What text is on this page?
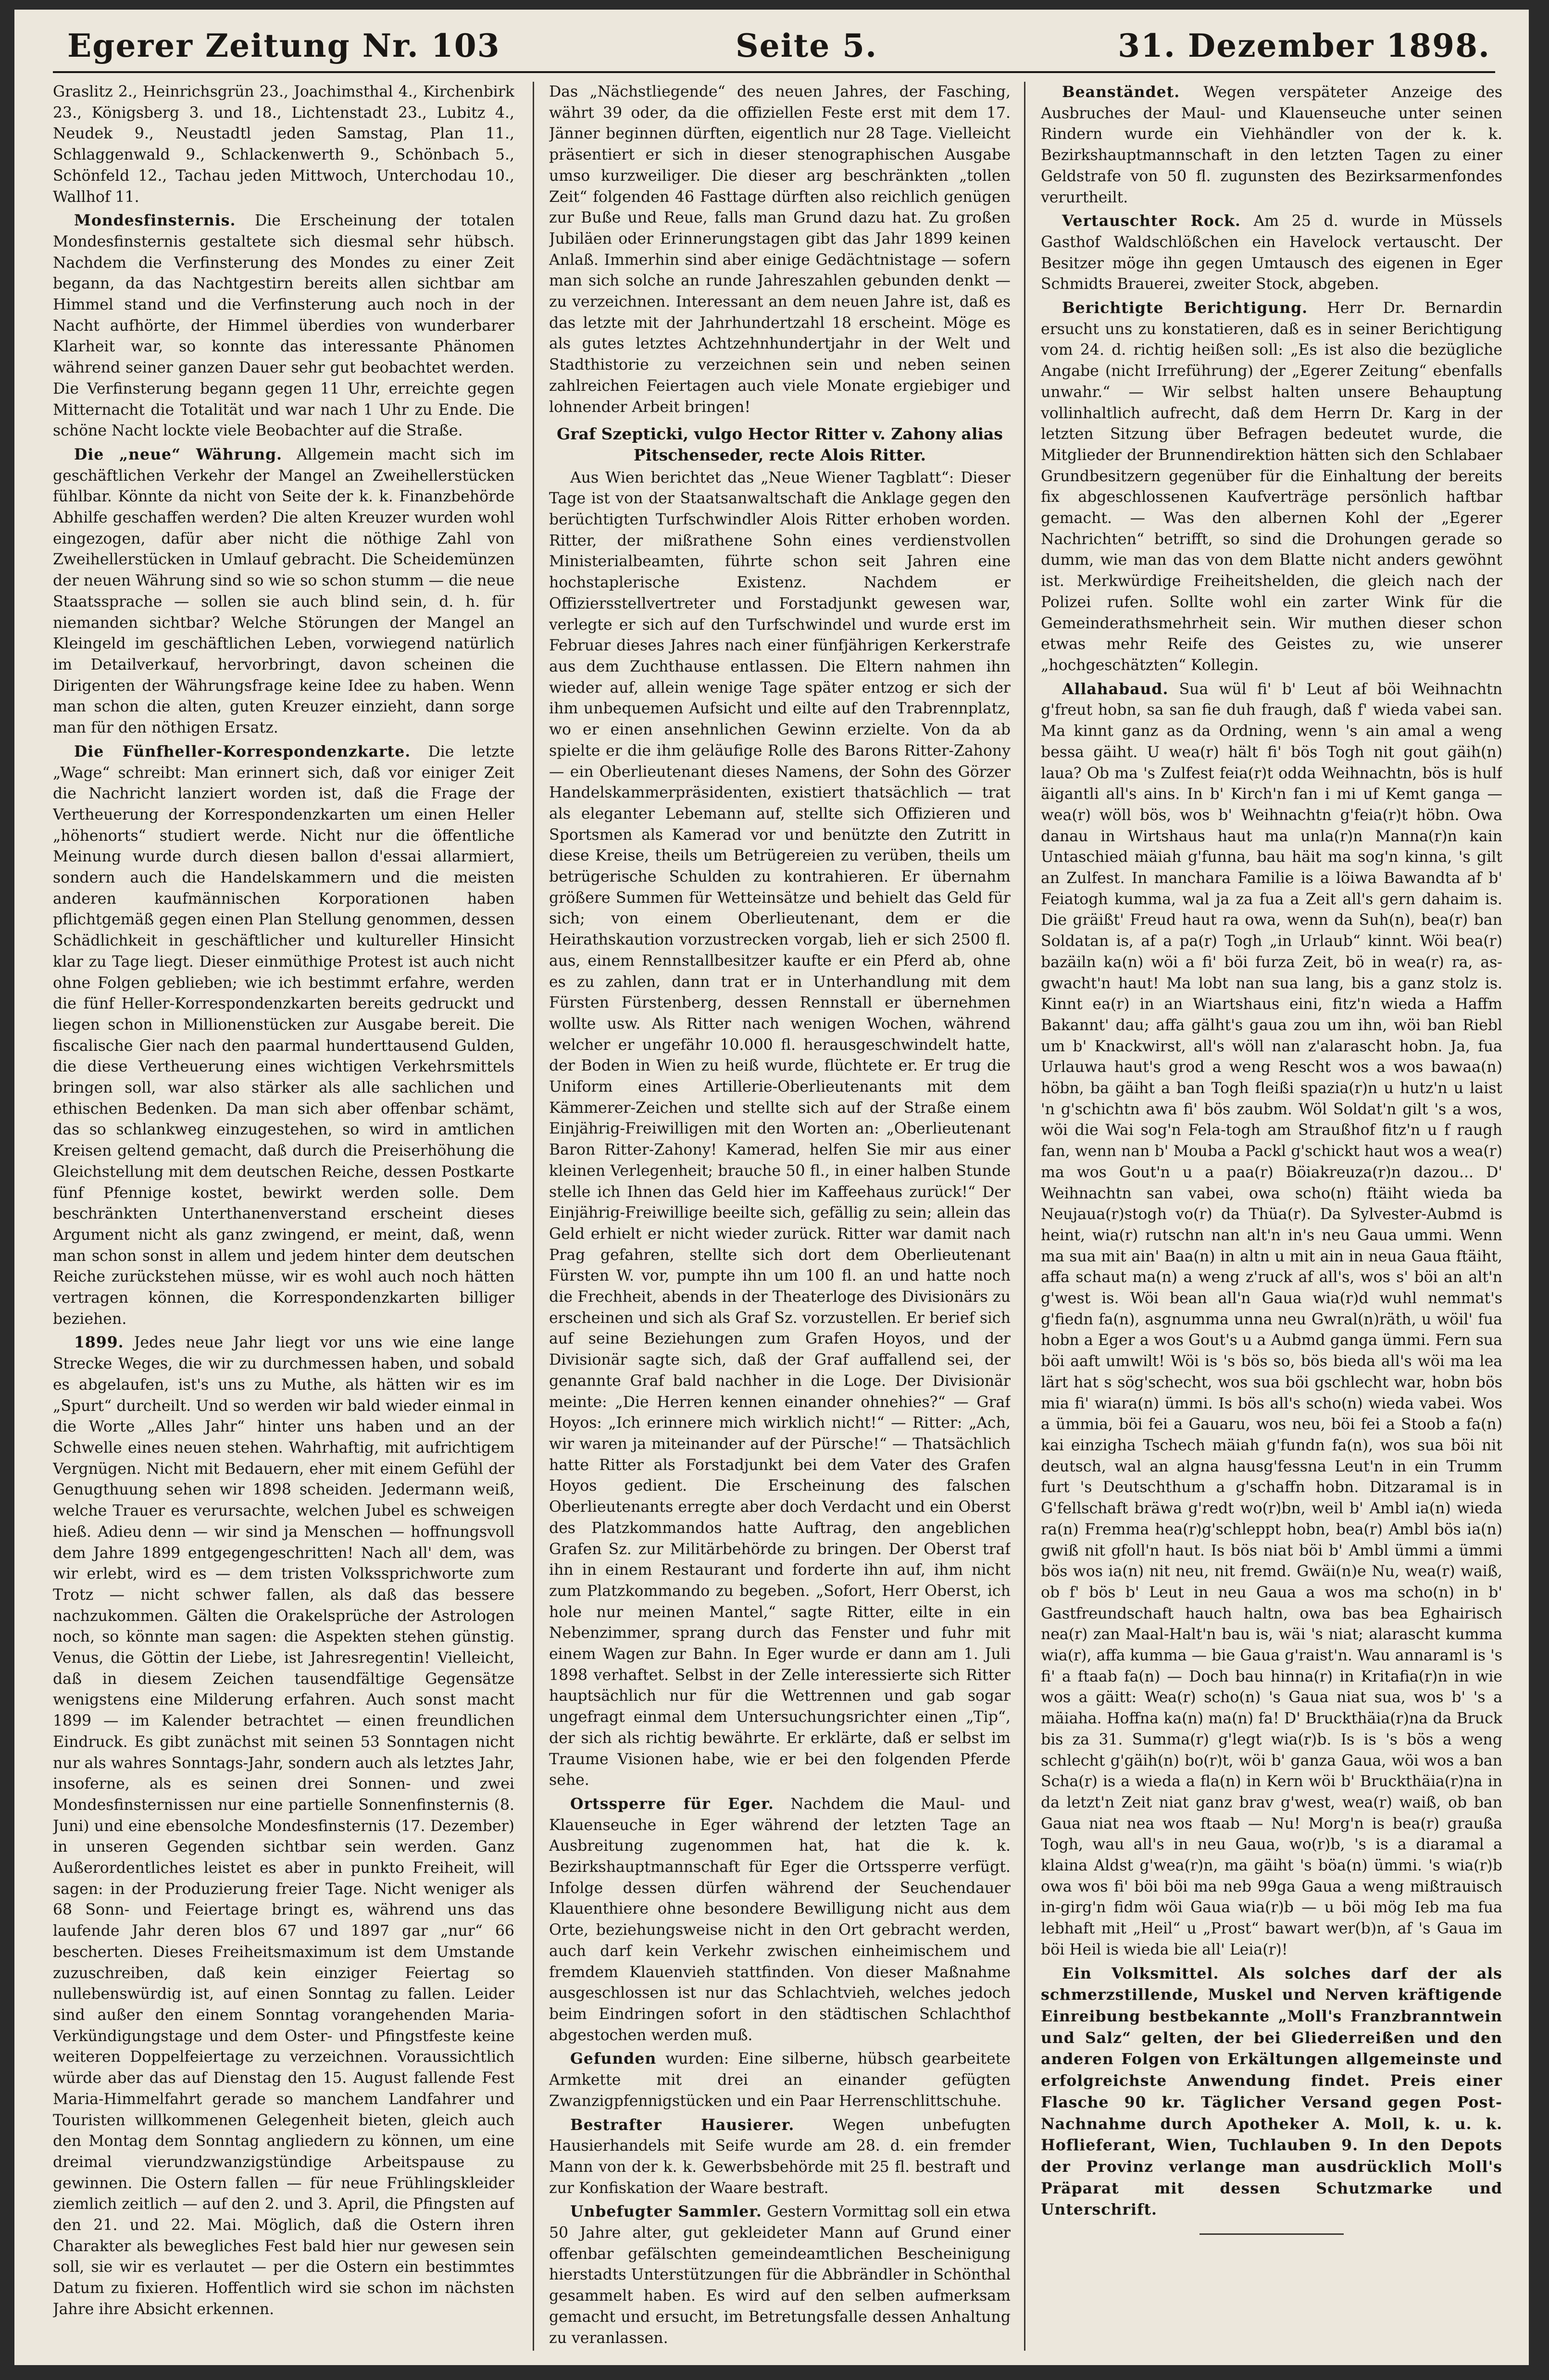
Egerer Zeitung Nr. 103	Seite 5.	31. Dezember 1898.

Graslitz 2., Heinrichsgrün 23., Joachimsthal 4., Kirchenbirk 23., Königsberg 3. und 18., Lichtenstadt 23., Lubitz 4., Neudek 9., Neustadtl jeden Samstag, Plan 11., Schlaggenwald 9., Schlackenwerth 9., Schönbach 5., Schönfeld 12., Tachau jeden Mittwoch, Unterchodau 10., Wallhof 11.

Mondesfinsternis. Die Erscheinung der totalen Mondesfinsternis gestaltete sich diesmal sehr hübsch. Nachdem die Verfinsterung des Mondes zu einer Zeit begann, da das Nachtgestirn bereits allen sichtbar am Himmel stand und die Verfinsterung auch noch in der Nacht aufhörte, der Himmel überdies von wunderbarer Klarheit war, so konnte das interessante Phänomen während seiner ganzen Dauer sehr gut beobachtet werden. Die Verfinsterung begann gegen 11 Uhr, erreichte gegen Mitternacht die Totalität und war nach 1 Uhr zu Ende. Die schöne Nacht lockte viele Beobachter auf die Straße.

Die „neue“ Währung. Allgemein macht sich im geschäftlichen Verkehr der Mangel an Zweihellerstücken fühlbar. Könnte da nicht von Seite der k. k. Finanzbehörde Abhilfe geschaffen werden? Die alten Kreuzer wurden wohl eingezogen, dafür aber nicht die nöthige Zahl von Zweihellerstücken in Umlauf gebracht. Die Scheidemünzen der neuen Währung sind so wie so schon stumm — die neue Staatssprache — sollen sie auch blind sein, d. h. für niemanden sichtbar? Welche Störungen der Mangel an Kleingeld im geschäftlichen Leben, vorwiegend natürlich im Detailverkauf, hervorbringt, davon scheinen die Dirigenten der Währungsfrage keine Idee zu haben. Wenn man schon die alten, guten Kreuzer einzieht, dann sorge man für den nöthigen Ersatz.

Die Fünfheller-Korrespondenzkarte. Die letzte „Wage“ schreibt: Man erinnert sich, daß vor einiger Zeit die Nachricht lanziert worden ist, daß die Frage der Vertheuerung der Korrespondenzkarten um einen Heller „höhenorts“ studiert werde. Nicht nur die öffentliche Meinung wurde durch diesen ballon d'essai allarmiert, sondern auch die Handelskammern und die meisten anderen kaufmännischen Korporationen haben pflichtgemäß gegen einen Plan Stellung genommen, dessen Schädlichkeit in geschäftlicher und kultureller Hinsicht klar zu Tage liegt. Dieser einmüthige Protest ist auch nicht ohne Folgen geblieben; wie ich bestimmt erfahre, werden die fünf Heller-Korrespondenzkarten bereits gedruckt und liegen schon in Millionenstücken zur Ausgabe bereit. Die fiscalische Gier nach den paarmal hunderttausend Gulden, die diese Vertheuerung eines wichtigen Verkehrsmittels bringen soll, war also stärker als alle sachlichen und ethischen Bedenken. Da man sich aber offenbar schämt, das so schlankweg einzugestehen, so wird in amtlichen Kreisen geltend gemacht, daß durch die Preiserhöhung die Gleichstellung mit dem deutschen Reiche, dessen Postkarte fünf Pfennige kostet, bewirkt werden solle. Dem beschränkten Unterthanenverstand erscheint dieses Argument nicht als ganz zwingend, er meint, daß, wenn man schon sonst in allem und jedem hinter dem deutschen Reiche zurückstehen müsse, wir es wohl auch noch hätten vertragen können, die Korrespondenzkarten billiger beziehen.

1899. Jedes neue Jahr liegt vor uns wie eine lange Strecke Weges, die wir zu durchmessen haben, und sobald es abgelaufen, ist's uns zu Muthe, als hätten wir es im „Spurt“ durcheilt. Und so werden wir bald wieder einmal in die Worte „Alles Jahr“ hinter uns haben und an der Schwelle eines neuen stehen. Wahrhaftig, mit aufrichtigem Vergnügen. Nicht mit Bedauern, eher mit einem Gefühl der Genugthuung sehen wir 1898 scheiden. Jedermann weiß, welche Trauer es verursachte, welchen Jubel es schweigen hieß. Adieu denn — wir sind ja Menschen — hoffnungsvoll dem Jahre 1899 entgegengeschritten! Nach all' dem, was wir erlebt, wird es — dem tristen Volkssprichworte zum Trotz — nicht schwer fallen, als daß das bessere nachzukommen. Gälten die Orakelsprüche der Astrologen noch, so könnte man sagen: die Aspekten stehen günstig. Venus, die Göttin der Liebe, ist Jahresregentin! Vielleicht, daß in diesem Zeichen tausendfältige Gegensätze wenigstens eine Milderung erfahren. Auch sonst macht 1899 — im Kalender betrachtet — einen freundlichen Eindruck. Es gibt zunächst mit seinen 53 Sonntagen nicht nur als wahres Sonntags-Jahr, sondern auch als letztes Jahr, insoferne, als es seinen drei Sonnen- und zwei Mondesfinsternissen nur eine partielle Sonnenfinsternis (8. Juni) und eine ebensolche Mondesfinsternis (17. Dezember) in unseren Gegenden sichtbar sein werden. Ganz Außerordentliches leistet es aber in punkto Freiheit, will sagen: in der Produzierung freier Tage. Nicht weniger als 68 Sonn- und Feiertage bringt es, während uns das laufende Jahr deren blos 67 und 1897 gar „nur“ 66 bescherten. Dieses Freiheitsmaximum ist dem Umstande zuzuschreiben, daß kein einziger Feiertag so nullebenswürdig ist, auf einen Sonntag zu fallen. Leider sind außer den einem Sonntag vorangehenden Maria-Verkündigungstage und dem Oster- und Pfingstfeste keine weiteren Doppelfeiertage zu verzeichnen. Voraussichtlich würde aber das auf Dienstag den 15. August fallende Fest Maria-Himmelfahrt gerade so manchem Landfahrer und Touristen willkommenen Gelegenheit bieten, gleich auch den Montag dem Sonntag angliedern zu können, um eine dreimal vierundzwanzigstündige Arbeitspause zu gewinnen. Die Ostern fallen — für neue Frühlingskleider ziemlich zeitlich — auf den 2. und 3. April, die Pfingsten auf den 21. und 22. Mai. Möglich, daß die Ostern ihren Charakter als bewegliches Fest bald hier nur gewesen sein soll, sie wir es verlautet — per die Ostern ein bestimmtes Datum zu fixieren. Hoffentlich wird sie schon im nächsten Jahre ihre Absicht erkennen.

Das „Nächstliegende“ des neuen Jahres, der Fasching, währt 39 oder, da die offiziellen Feste erst mit dem 17. Jänner beginnen dürften, eigentlich nur 28 Tage. Vielleicht präsentiert er sich in dieser stenographischen Ausgabe umso kurzweiliger. Die dieser arg beschränkten „tollen Zeit“ folgenden 46 Fasttage dürften also reichlich genügen zur Buße und Reue, falls man Grund dazu hat. Zu großen Jubiläen oder Erinnerungstagen gibt das Jahr 1899 keinen Anlaß. Immerhin sind aber einige Gedächtnistage — sofern man sich solche an runde Jahreszahlen gebunden denkt — zu verzeichnen. Interessant an dem neuen Jahre ist, daß es das letzte mit der Jahrhundertzahl 18 erscheint. Möge es als gutes letztes Achtzehnhundertjahr in der Welt und Stadthistorie zu verzeichnen sein und neben seinen zahlreichen Feiertagen auch viele Monate ergiebiger und lohnender Arbeit bringen!

Graf Szepticki, vulgo Hector Ritter v. Zahony alias Pitschenseder, recte Alois Ritter.

Aus Wien berichtet das „Neue Wiener Tagblatt“: Dieser Tage ist von der Staatsanwaltschaft die Anklage gegen den berüchtigten Turfschwindler Alois Ritter erhoben worden. Ritter, der mißrathene Sohn eines verdienstvollen Ministerialbeamten, führte schon seit Jahren eine hochstaplerische Existenz. Nachdem er Offiziersstellvertreter und Forstadjunkt gewesen war, verlegte er sich auf den Turfschwindel und wurde erst im Februar dieses Jahres nach einer fünfjährigen Kerkerstrafe aus dem Zuchthause entlassen. Die Eltern nahmen ihn wieder auf, allein wenige Tage später entzog er sich der ihm unbequemen Aufsicht und eilte auf den Trabrennplatz, wo er einen ansehnlichen Gewinn erzielte. Von da ab spielte er die ihm geläufige Rolle des Barons Ritter-Zahony — ein Oberlieutenant dieses Namens, der Sohn des Görzer Handelskammerpräsidenten, existiert thatsächlich — trat als eleganter Lebemann auf, stellte sich Offizieren und Sportsmen als Kamerad vor und benützte den Zutritt in diese Kreise, theils um Betrügereien zu verüben, theils um betrügerische Schulden zu kontrahieren. Er übernahm größere Summen für Wetteinsätze und behielt das Geld für sich; von einem Oberlieutenant, dem er die Heirathskaution vorzustrecken vorgab, lieh er sich 2500 fl. aus, einem Rennstallbesitzer kaufte er ein Pferd ab, ohne es zu zahlen, dann trat er in Unterhandlung mit dem Fürsten Fürstenberg, dessen Rennstall er übernehmen wollte usw. Als Ritter nach wenigen Wochen, während welcher er ungefähr 10.000 fl. herausgeschwindelt hatte, der Boden in Wien zu heiß wurde, flüchtete er. Er trug die Uniform eines Artillerie-Oberlieutenants mit dem Kämmerer-Zeichen und stellte sich auf der Straße einem Einjährig-Freiwilligen mit den Worten an: „Oberlieutenant Baron Ritter-Zahony! Kamerad, helfen Sie mir aus einer kleinen Verlegenheit; brauche 50 fl., in einer halben Stunde stelle ich Ihnen das Geld hier im Kaffeehaus zurück!“ Der Einjährig-Freiwillige beeilte sich, gefällig zu sein; allein das Geld erhielt er nicht wieder zurück. Ritter war damit nach Prag gefahren, stellte sich dort dem Oberlieutenant Fürsten W. vor, pumpte ihn um 100 fl. an und hatte noch die Frechheit, abends in der Theaterloge des Divisionärs zu erscheinen und sich als Graf Sz. vorzustellen. Er berief sich auf seine Beziehungen zum Grafen Hoyos, und der Divisionär sagte sich, daß der Graf auffallend sei, der genannte Graf bald nachher in die Loge. Der Divisionär meinte: „Die Herren kennen einander ohnehies?“ — Graf Hoyos: „Ich erinnere mich wirklich nicht!“ — Ritter: „Ach, wir waren ja miteinander auf der Pürsche!“ — Thatsächlich hatte Ritter als Forstadjunkt bei dem Vater des Grafen Hoyos gedient. Die Erscheinung des falschen Oberlieutenants erregte aber doch Verdacht und ein Oberst des Platzkommandos hatte Auftrag, den angeblichen Grafen Sz. zur Militärbehörde zu bringen. Der Oberst traf ihn in einem Restaurant und forderte ihn auf, ihm nicht zum Platzkommando zu begeben. „Sofort, Herr Oberst, ich hole nur meinen Mantel,“ sagte Ritter, eilte in ein Nebenzimmer, sprang durch das Fenster und fuhr mit einem Wagen zur Bahn. In Eger wurde er dann am 1. Juli 1898 verhaftet. Selbst in der Zelle interessierte sich Ritter hauptsächlich nur für die Wettrennen und gab sogar ungefragt einmal dem Untersuchungsrichter einen „Tip“, der sich als richtig bewährte. Er erklärte, daß er selbst im Traume Visionen habe, wie er bei den folgenden Pferde sehe.

Ortssperre für Eger. Nachdem die Maul- und Klauenseuche in Eger während der letzten Tage an Ausbreitung zugenommen hat, hat die k. k. Bezirkshauptmannschaft für Eger die Ortssperre verfügt. Infolge dessen dürfen während der Seuchendauer Klauenthiere ohne besondere Bewilligung nicht aus dem Orte, beziehungsweise nicht in den Ort gebracht werden, auch darf kein Verkehr zwischen einheimischem und fremdem Klauenvieh stattfinden. Von dieser Maßnahme ausgeschlossen ist nur das Schlachtvieh, welches jedoch beim Eindringen sofort in den städtischen Schlachthof abgestochen werden muß.

Gefunden wurden: Eine silberne, hübsch gearbeitete Armkette mit drei an einander gefügten Zwanzigpfennigstücken und ein Paar Herrenschlittschuhe.

Bestrafter Hausierer.	Wegen unbefugten Hausierhandels mit Seife wurde am 28. d. ein fremder Mann von der k. k. Gewerbsbehörde mit 25 fl. bestraft und zur Konfiskation der Waare bestraft.

Unbefugter Sammler. Gestern Vormittag soll ein etwa 50 Jahre alter, gut gekleideter Mann auf Grund einer offenbar gefälschten gemeindeamtlichen Bescheinigung hierstadts Unterstützungen für die Abbrändler in Schönthal gesammelt haben. Es wird auf den selben aufmerksam gemacht und ersucht, im Betretungsfalle dessen Anhaltung zu veranlassen.

Beanständet. Wegen verspäteter Anzeige des Ausbruches der Maul- und Klauenseuche unter seinen Rindern wurde ein Viehhändler von der k. k. Bezirkshauptmannschaft in den letzten Tagen zu einer Geldstrafe von 50 fl. zugunsten des Bezirksarmenfondes verurtheilt.

Vertauschter Rock. Am 25 d. wurde in Müssels Gasthof Waldschlößchen ein Havelock vertauscht. Der Besitzer möge ihn gegen Umtausch des eigenen in Eger Schmidts Brauerei, zweiter Stock, abgeben.

Berichtigte Berichtigung. Herr Dr. Bernardin ersucht uns zu konstatieren, daß es in seiner Berichtigung vom 24. d. richtig heißen soll: „Es ist also die bezügliche Angabe (nicht Irreführung) der „Egerer Zeitung“ ebenfalls unwahr.“ — Wir selbst halten unsere Behauptung vollinhaltlich aufrecht, daß dem Herrn Dr. Karg in der letzten Sitzung über Befragen bedeutet wurde, die Mitglieder der Brunnendirektion hätten sich den Schlabaer Grundbesitzern gegenüber für die Einhaltung der bereits fix abgeschlossenen Kaufverträge persönlich haftbar gemacht. — Was den albernen Kohl der „Egerer Nachrichten“ betrifft, so sind die Drohungen gerade so dumm, wie man das von dem Blatte nicht anders gewöhnt ist. Merkwürdige Freiheitshelden, die gleich nach der Polizei rufen. Sollte wohl ein zarter Wink für die Gemeinderathsmehrheit sein. Wir muthen dieser schon etwas mehr Reife des Geistes zu, wie unserer „hochgeschätzten“ Kollegin.

Allahabaud. Sua wül fi' b' Leut af böi Weihnachtn g'freut hobn, sa san fie duh fraugh, daß f' wieda vabei san. Ma kinnt ganz as da Ordning, wenn 's ain amal a weng bessa gäiht. U wea(r) hält fi' bös Togh nit gout gäih(n) laua? Ob ma 's Zulfest feia(r)t odda Weihnachtn, bös is hulf äigantli all's ains. In b' Kirch'n fan i mi uf Kemt ganga — wea(r) wöll bös, wos b' Weihnachtn g'feia(r)t höbn. Owa danau in Wirtshaus haut ma unla(r)n Manna(r)n kain Untaschied mäiah g'funna, bau häit ma sog'n kinna, 's gilt an Zulfest. In manchara Familie is a löiwa Bawandta af b' Feiatogh kumma, wal ja za fua a Zeit all's gern dahaim is. Die gräißt' Freud haut ra owa, wenn da Suh(n), bea(r) ban Soldatan is, af a pa(r) Togh „in Urlaub“ kinnt. Wöi bea(r) bazäiln ka(n) wöi a fi' böi furza Zeit, bö in wea(r) ra, as-gwacht'n haut! Ma lobt nan sua lang, bis a ganz stolz is. Kinnt ea(r) in an Wiartshaus eini, fitz'n wieda a Haffm Bakannt' dau; affa gälht's gaua zou um ihn, wöi ban Riebl um b' Knackwirst, all's wöll nan z'alarascht hobn. Ja, fua Urlauwa haut's grod a weng Rescht wos a wos bawaa(n) höbn, ba gäiht a ban Togh fleißi spazia(r)n u hutz'n u laist 'n g'schichtn awa fi' bös zaubm. Wöl Soldat'n gilt 's a wos, wöi die Wai sog'n Fela-togh am Straußhof fitz'n u f raugh fan, wenn nan b' Mouba a Packl g'schickt haut wos a wea(r) ma wos Gout'n u a paa(r) Böiakreuza(r)n dazou... D' Weihnachtn san vabei, owa scho(n) ftäiht wieda ba Neujaua(r)stogh vo(r) da Thüa(r). Da Sylvester-Aubmd is heint, wia(r) rutschn nan alt'n in's neu Gaua ummi. Wenn ma sua mit ain' Baa(n) in altn u mit ain in neua Gaua ftäiht, affa schaut ma(n) a weng z'ruck af all's, wos s' böi an alt'n g'west is. Wöi bean all'n Gaua wia(r)d wuhl nemmat's g'fiedn fa(n), asgnumma unna neu Gwral(n)räth, u wöil' fua hobn a Eger a wos Gout's u a Aubmd ganga ümmi. Fern sua böi aaft umwilt! Wöi is 's bös so, bös bieda all's wöi ma lea lärt hat s sög'schecht, wos sua böi gschlecht war, hobn bös mia fi' wiara(n) ümmi. Is bös all's scho(n) wieda vabei. Wos a ümmia, böi fei a Gauaru, wos neu, böi fei a Stoob a fa(n) kai einzigha Tschech mäiah g'fundn fa(n), wos sua böi nit deutsch, wal an algna hausg'fessna Leut'n in ein Trumm furt 's Deutschthum a g'schaffn hobn. Ditzaramal is in G'fellschaft bräwa g'redt wo(r)bn, weil b' Ambl ia(n) wieda ra(n) Fremma hea(r)g'schleppt hobn, bea(r) Ambl bös ia(n) gwiß nit gfoll'n haut. Is bös niat böi b' Ambl ümmi a ümmi bös wos ia(n) nit neu, nit fremd. Gwäi(n)e Nu, wea(r) waiß, ob f' bös b' Leut in neu Gaua a wos ma scho(n) in b' Gastfreundschaft hauch haltn, owa bas bea Eghairisch nea(r) zan Maal-Halt'n bau is, wäi 's niat; alarascht kumma wia(r), affa kumma — bie Gaua g'raist'n. Wau annaraml is 's fi' a ftaab fa(n) — Doch bau hinna(r) in Kritafia(r)n in wie wos a gäitt: Wea(r) scho(n) 's Gaua niat sua, wos b' 's a mäiaha. Hoffna ka(n) ma(n) fa! D' Bruckthäia(r)na da Bruck bis za 31. Summa(r) g'legt wia(r)b. Is is 's bös a weng schlecht g'gäih(n) bo(r)t, wöi b' ganza Gaua, wöi wos a ban Scha(r) is a wieda a fla(n) in Kern wöi b' Bruckthäia(r)na in da letzt'n Zeit niat ganz brav g'west, wea(r) waiß, ob ban Gaua niat nea wos ftaab — Nu! Morg'n is bea(r) graußa Togh, wau all's in neu Gaua, wo(r)b, 's is a diaramal a klaina Aldst g'wea(r)n, ma gäiht 's böa(n) ümmi. 's wia(r)b owa wos fi' böi böi ma neb 99ga Gaua a weng mißtrauisch in-girg'n fidm wöi Gaua wia(r)b — u böi mög Ieb ma fua lebhaft mit „Heil“ u „Prost“ bawart wer(b)n, af 's Gaua im böi Heil is wieda bie all' Leia(r)!

Ein Volksmittel. Als solches darf der als schmerzstillende, Muskel und Nerven kräftigende Einreibung bestbekannte „Moll's Franzbranntwein und Salz“ gelten, der bei Gliederreißen und den anderen Folgen von Erkältungen allgemeinste und erfolgreichste Anwendung findet. Preis einer Flasche 90 kr. Täglicher Versand gegen Post-Nachnahme durch Apotheker A. Moll, k. u. k. Hoflieferant, Wien, Tuchlauben 9. In den Depots der Provinz verlange man ausdrücklich Moll's Präparat mit dessen Schutzmarke und Unterschrift.
